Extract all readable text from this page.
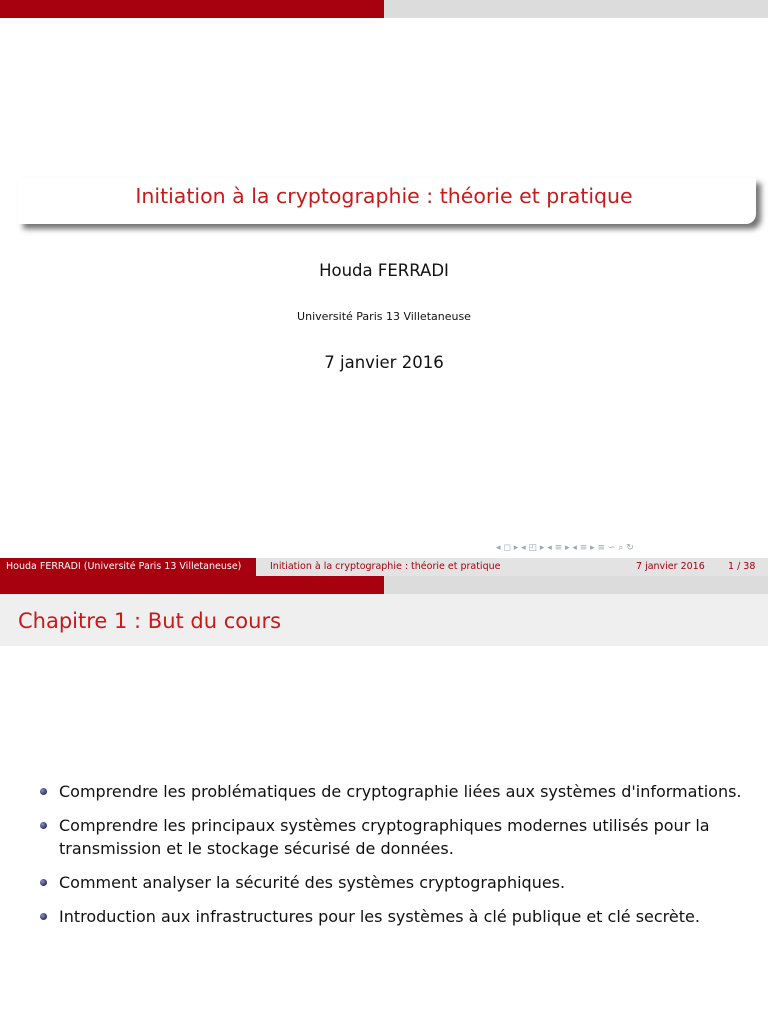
Initiation à la cryptographie : théorie et pratique
Houda FERRADI
Université Paris 13 Villetaneuse
7 janvier 2016
◂ ◻ ▸ ◂ ◰ ▸ ◂ ≡ ▸ ◂ ≡ ▸ ≡ ∽ ⌕ ↻
Houda FERRADI (Université Paris 13 Villetaneuse)	Initiation à la cryptographie : théorie et pratique	7 janvier 2016 1 / 38
Chapitre 1 : But du cours
Comprendre les problématiques de cryptographie liées aux systèmes d'informations.
Comprendre les principaux systèmes cryptographiques modernes utilisés pour la transmission et le stockage sécurisé de données.
Comment analyser la sécurité des systèmes cryptographiques.
Introduction aux infrastructures pour les systèmes à clé publique et clé secrète.
